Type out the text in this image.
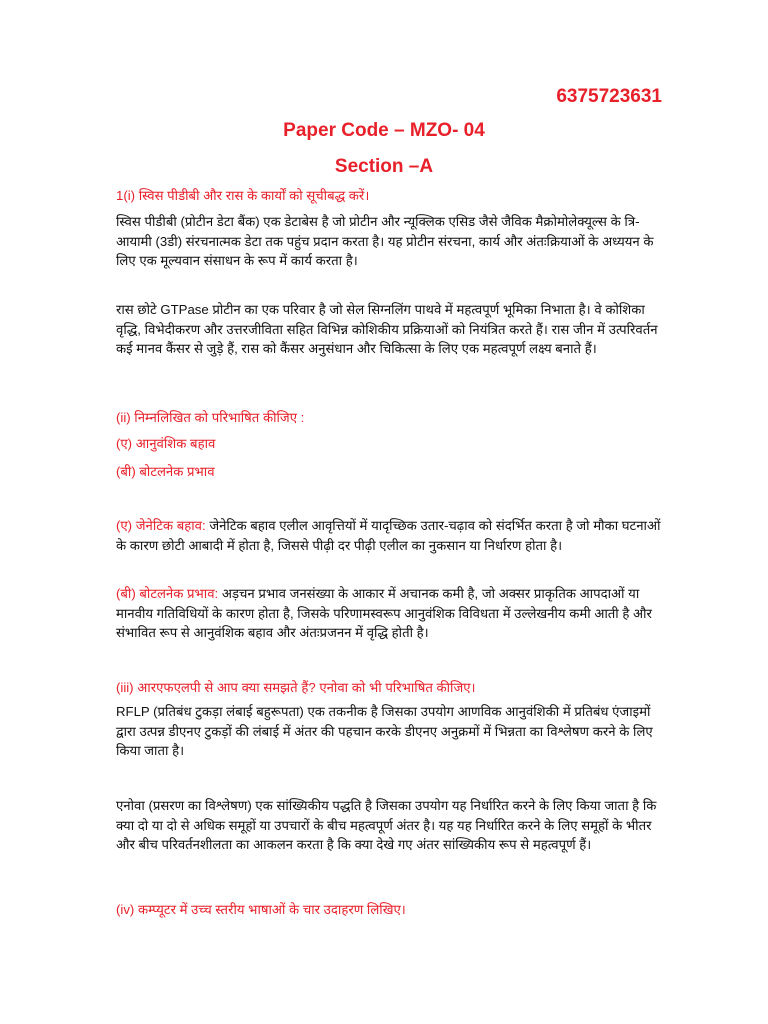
6375723631
Paper Code – MZO- 04
Section –A

1(i) स्विस पीडीबी और रास के कार्यों को सूचीबद्ध करें।

स्विस पीडीबी (प्रोटीन डेटा बैंक) एक डेटाबेस है जो प्रोटीन और न्यूक्लिक एसिड जैसे जैविक मैक्रोमोलेक्यूल्स के त्रि-आयामी (3डी) संरचनात्मक डेटा तक पहुंच प्रदान करता है। यह प्रोटीन संरचना, कार्य और अंतःक्रियाओं के अध्ययन के लिए एक मूल्यवान संसाधन के रूप में कार्य करता है।

रास छोटे GTPase प्रोटीन का एक परिवार है जो सेल सिग्नलिंग पाथवे में महत्वपूर्ण भूमिका निभाता है। वे कोशिका वृद्धि, विभेदीकरण और उत्तरजीविता सहित विभिन्न कोशिकीय प्रक्रियाओं को नियंत्रित करते हैं। रास जीन में उत्परिवर्तन कई मानव कैंसर से जुड़े हैं, रास को कैंसर अनुसंधान और चिकित्सा के लिए एक महत्वपूर्ण लक्ष्य बनाते हैं।

(ii) निम्नलिखित को परिभाषित कीजिए :

(ए) आनुवंशिक बहाव

(बी) बोटलनेक प्रभाव

(ए) जेनेटिक बहाव: जेनेटिक बहाव एलील आवृत्तियों में यादृच्छिक उतार-चढ़ाव को संदर्भित करता है जो मौका घटनाओं के कारण छोटी आबादी में होता है, जिससे पीढ़ी दर पीढ़ी एलील का नुकसान या निर्धारण होता है।

(बी) बोटलनेक प्रभाव: अड़चन प्रभाव जनसंख्या के आकार में अचानक कमी है, जो अक्सर प्राकृतिक आपदाओं या मानवीय गतिविधियों के कारण होता है, जिसके परिणामस्वरूप आनुवंशिक विविधता में उल्लेखनीय कमी आती है और संभावित रूप से आनुवंशिक बहाव और अंतःप्रजनन में वृद्धि होती है।

(iii) आरएफएलपी से आप क्या समझते हैं? एनोवा को भी परिभाषित कीजिए।

RFLP (प्रतिबंध टुकड़ा लंबाई बहुरूपता) एक तकनीक है जिसका उपयोग आणविक आनुवंशिकी में प्रतिबंध एंजाइमों द्वारा उत्पन्न डीएनए टुकड़ों की लंबाई में अंतर की पहचान करके डीएनए अनुक्रमों में भिन्नता का विश्लेषण करने के लिए किया जाता है।

एनोवा (प्रसरण का विश्लेषण) एक सांख्यिकीय पद्धति है जिसका उपयोग यह निर्धारित करने के लिए किया जाता है कि क्या दो या दो से अधिक समूहों या उपचारों के बीच महत्वपूर्ण अंतर है। यह यह निर्धारित करने के लिए समूहों के भीतर और बीच परिवर्तनशीलता का आकलन करता है कि क्या देखे गए अंतर सांख्यिकीय रूप से महत्वपूर्ण हैं।

(iv) कम्प्यूटर में उच्च स्तरीय भाषाओं के चार उदाहरण लिखिए।
